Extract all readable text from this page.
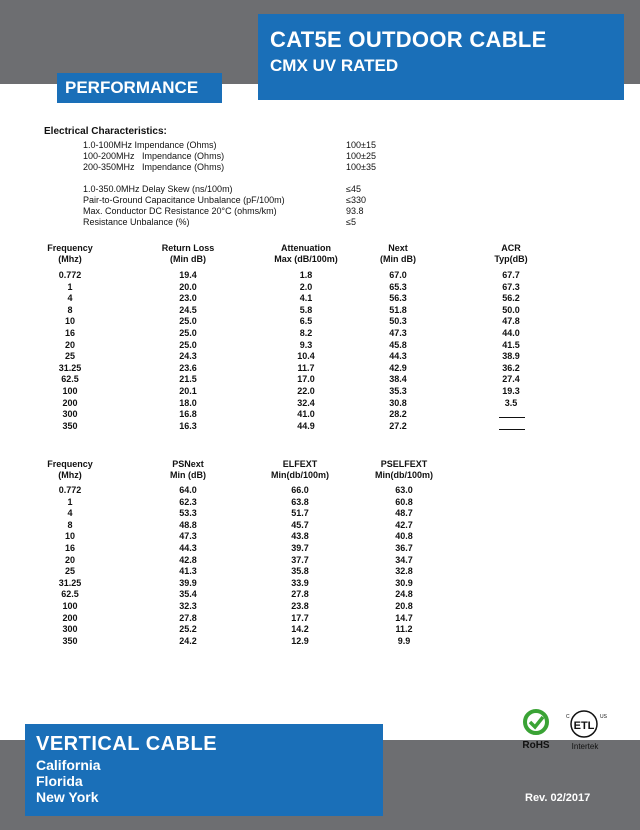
CAT5E OUTDOOR CABLE
CMX UV RATED
PERFORMANCE
Electrical Characteristics:
1.0-100MHz Impendance (Ohms)	100±15
100-200MHz   Impendance (Ohms)	100±25
200-350MHz   Impendance (Ohms)	100±35
1.0-350.0MHz Delay Skew (ns/100m)	≤45
Pair-to-Ground Capacitance Unbalance (pF/100m)	≤330
Max. Conductor DC Resistance 20°C (ohms/km)	93.8
Resistance Unbalance (%)	≤5
Frequency
(Mhz)
Return Loss
(Min dB)
Attenuation
Max (dB/100m)
Next
(Min dB)
ACR
Typ(dB)
0.772	19.4	1.8	67.0	67.7
1	20.0	2.0	65.3	67.3
4	23.0	4.1	56.3	56.2
8	24.5	5.8	51.8	50.0
10	25.0	6.5	50.3	47.8
16	25.0	8.2	47.3	44.0
20	25.0	9.3	45.8	41.5
25	24.3	10.4	44.3	38.9
31.25	23.6	11.7	42.9	36.2
62.5	21.5	17.0	38.4	27.4
100	20.1	22.0	35.3	19.3
200	18.0	32.4	30.8	3.5
300	16.8	41.0	28.2
350	16.3	44.9	27.2
Frequency
(Mhz)
PSNext
Min (dB)
ELFEXT
Min(db/100m)
PSELFEXT
Min(db/100m)
0.772	64.0	66.0	63.0
1	62.3	63.8	60.8
4	53.3	51.7	48.7
8	48.8	45.7	42.7
10	47.3	43.8	40.8
16	44.3	39.7	36.7
20	42.8	37.7	34.7
25	41.3	35.8	32.8
31.25	39.9	33.9	30.9
62.5	35.4	27.8	24.8
100	32.3	23.8	20.8
200	27.8	17.7	14.7
300	25.2	14.2	11.2
350	24.2	12.9	9.9
VERTICAL CABLE
California
Florida
New York	Rev. 02/2017
RoHS
ETL
C	US
Intertek
